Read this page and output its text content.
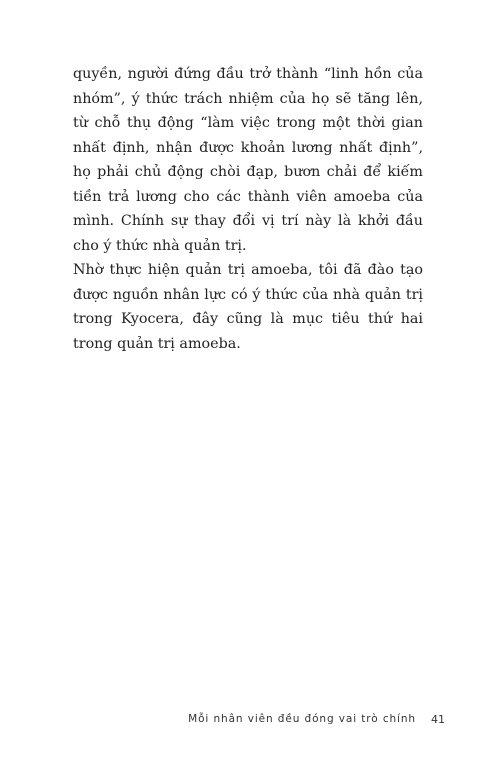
quyền, người đứng đầu trở thành “linh hồn của nhóm”, ý thức trách nhiệm của họ sẽ tăng lên, từ chỗ thụ động “làm việc trong một thời gian nhất định, nhận được khoản lương nhất định”, họ phải chủ động chòi đạp, bươn chải để kiếm tiền trả lương cho các thành viên amoeba của mình. Chính sự thay đổi vị trí này là khởi đầu cho ý thức nhà quản trị.

Nhờ thực hiện quản trị amoeba, tôi đã đào tạo được nguồn nhân lực có ý thức của nhà quản trị trong Kyocera, đây cũng là mục tiêu thứ hai trong quản trị amoeba.

Mỗi nhân viên đều đóng vai trò chính 41
